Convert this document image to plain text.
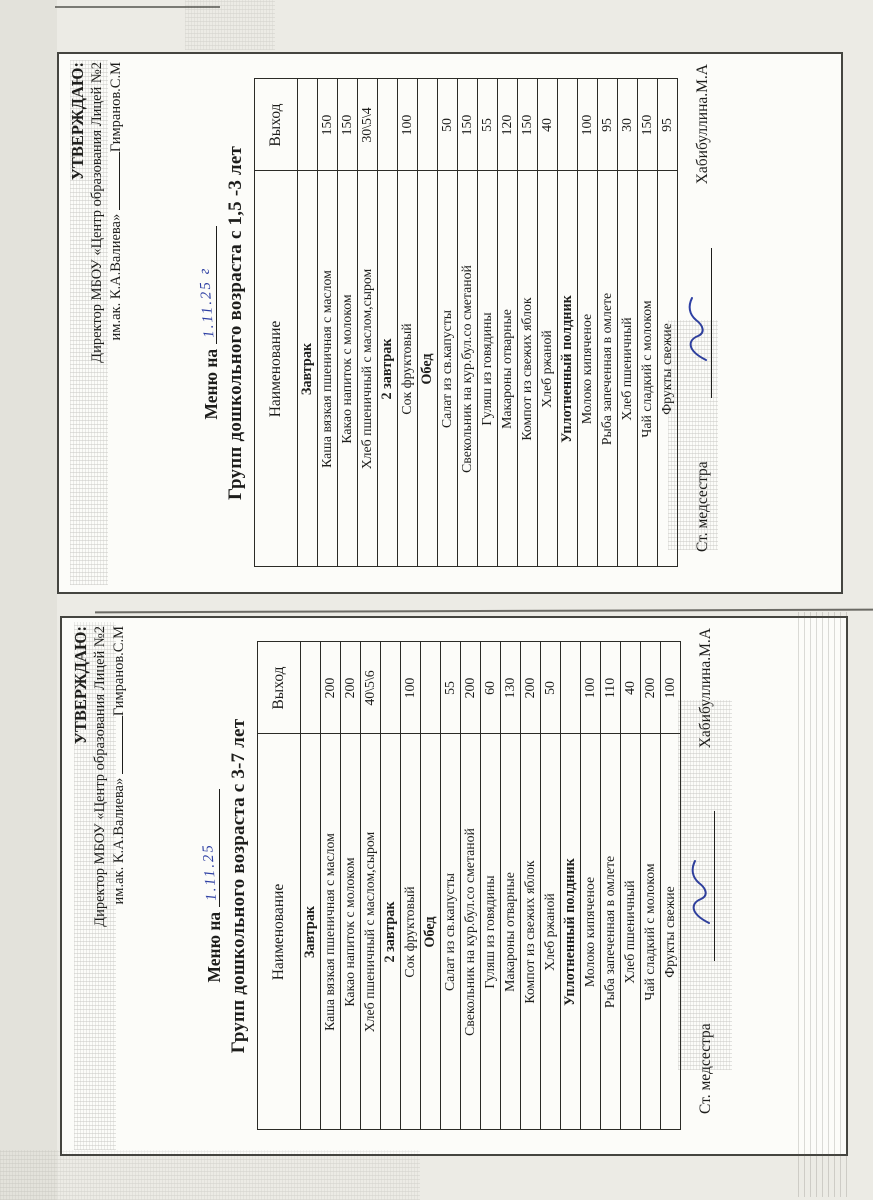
УТВЕРЖДАЮ: Директор МБОУ «Центр образования Лицей №2 им.ак. К.А.Валиева» Гимранов.С.М
Меню на
1.11.25 г Групп дошкольного возраста с 1,5 -3 лет Наименование	Выход
Завтрак	
Каша вязкая пшеничная с маслом	150
Какао напиток с молоком	150
Хлеб пшеничный с маслом,сыром	30\5\4
2 завтрак	
Сок фруктовый	100
Обед	
Салат из св.капусты	50
Свекольник на кур.бул.со сметаной	150
Гуляш из говядины	55
Макароны отварные	120
Компот из свежих яблок	150
Хлеб ржаной	40
Уплотненный полдник	
Молоко кипяченое	100
Рыба запеченная в омлете	95
Хлеб пшеничный	30
Чай сладкий с молоком	150
Фрукты свежие	95
Ст. медсестра
Хабибуллина.М.А
УТВЕРЖДАЮ: Директор МБОУ «Центр образования Лицей №2 им.ак. К.А.Валиева» Гимранов.С.М
Меню на
1.11.25 Групп дошкольного возраста с 3-7 лет Наименование	Выход
Завтрак	
Каша вязкая пшеничная с маслом	200
Какао напиток с молоком	200
Хлеб пшеничный с маслом,сыром	40\5\6
2 завтрак	
Сок фруктовый	100
Обед	
Салат из св.капусты	55
Свекольник на кур.бул.со сметаной	200
Гуляш из говядины	60
Макароны отварные	130
Компот из свежих яблок	200
Хлеб ржаной	50
Уплотненный полдник	
Молоко кипяченое	100
Рыба запеченная в омлете	110
Хлеб пшеничный	40
Чай сладкий с молоком	200
Фрукты свежие	100
Ст. медсестра
Хабибуллина.М.А
